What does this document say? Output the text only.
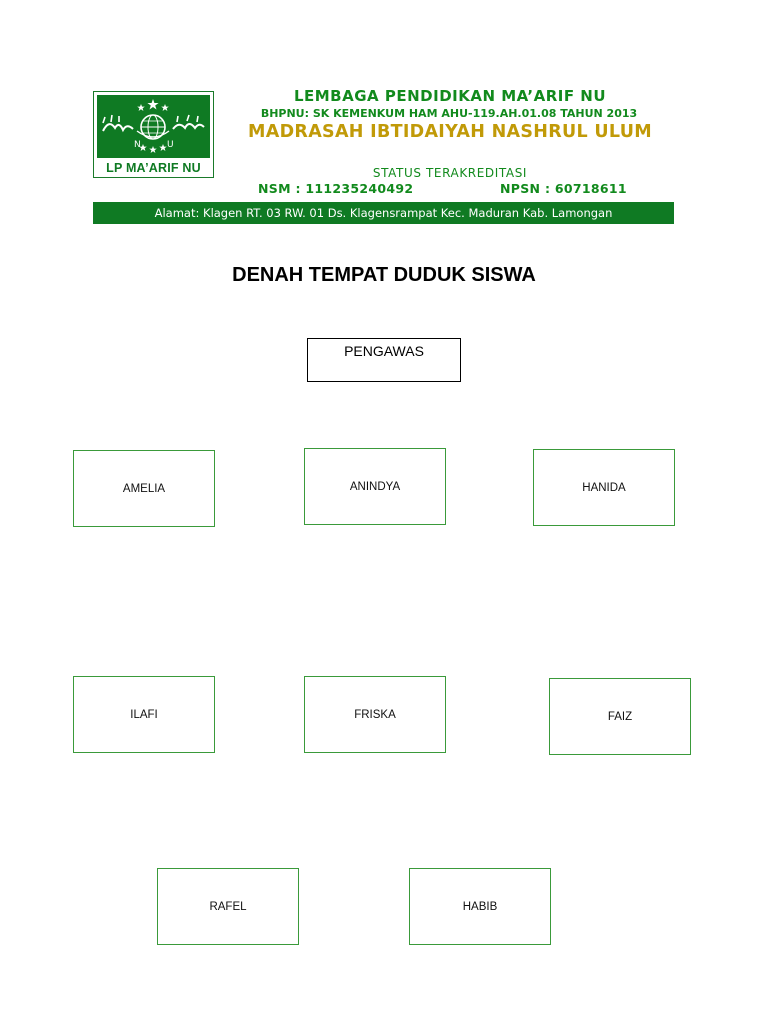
N	U
LP MA’ARIF NU
LEMBAGA PENDIDIKAN MA’ARIF NU
BHPNU: SK KEMENKUM HAM AHU-119.AH.01.08 TAHUN 2013
MADRASAH IBTIDAIYAH NASHRUL ULUM
STATUS TERAKREDITASI
NSM : 111235240492	NPSN : 60718611
Alamat: Klagen RT. 03 RW. 01 Ds. Klagensrampat Kec. Maduran Kab. Lamongan
DENAH TEMPAT DUDUK SISWA
PENGAWAS
AMELIA	ANINDYA	HANIDA
ILAFI	FRISKA	FAIZ
RAFEL	HABIB
